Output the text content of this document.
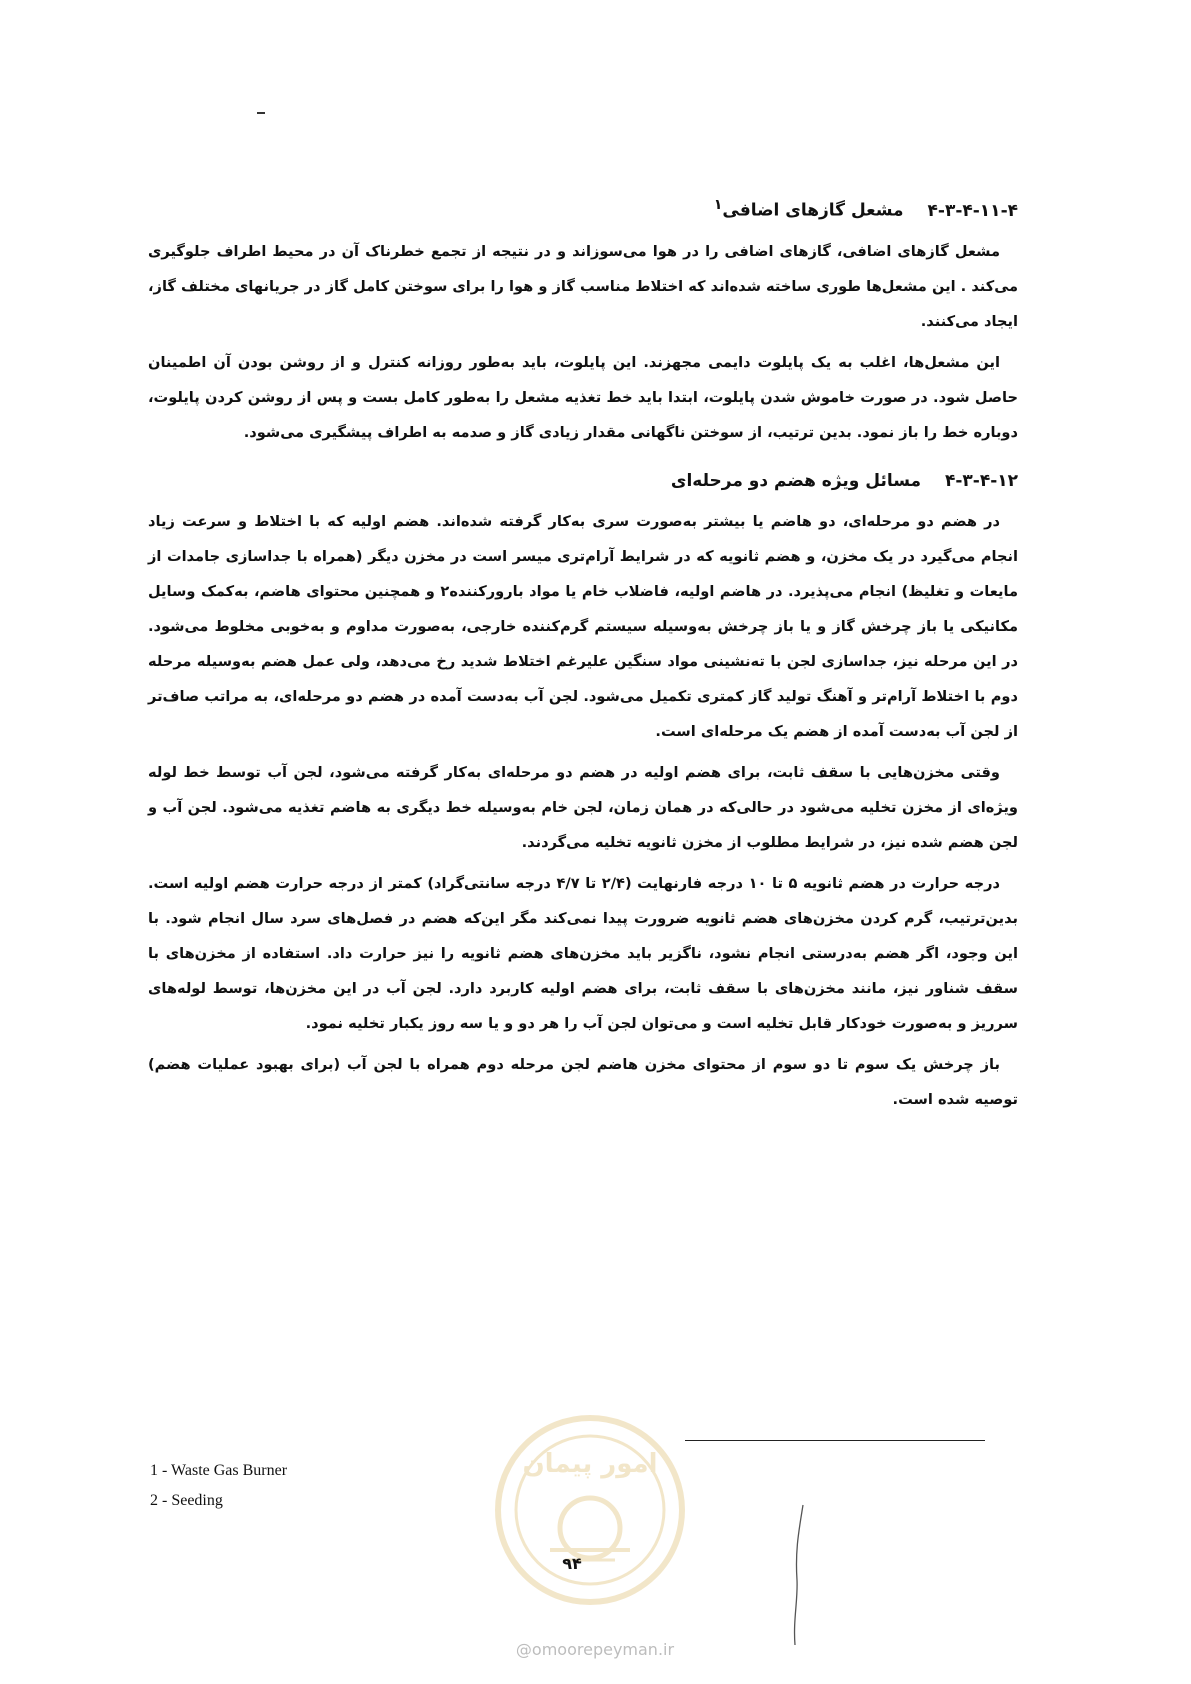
۴-۳-۴-۱۱-۴ مشعل گازهای اضافی$^۱$

مشعل گازهای اضافی، گازهای اضافی را در هوا می‌سوزاند و در نتیجه از تجمع خطرناک آن در محیط اطراف جلوگیری می‌کند . این مشعل‌ها طوری ساخته شده‌اند که اختلاط مناسب گاز و هوا را برای سوختن کامل گاز در جریانهای مختلف گاز، ایجاد می‌کنند.

این مشعل‌ها، اغلب به یک پایلوت دایمی مجهزند. این پایلوت، باید به‌طور روزانه کنترل و از روشن بودن آن اطمینان حاصل شود. در صورت خاموش شدن پایلوت، ابتدا باید خط تغذیه مشعل را به‌طور کامل بست و پس از روشن کردن پایلوت، دوباره خط را باز نمود. بدین ترتیب، از سوختن ناگهانی مقدار زیادی گاز و صدمه به اطراف پیشگیری می‌شود.

۴-۳-۴-۱۲ مسائل ویژه هضم دو مرحله‌ای

در هضم دو مرحله‌ای، دو هاضم یا بیشتر به‌صورت سری به‌کار گرفته شده‌اند. هضم اولیه که با اختلاط و سرعت زیاد انجام می‌گیرد در یک مخزن، و هضم ثانویه که در شرایط آرام‌تری میسر است در مخزن دیگر (همراه با جداسازی جامدات از مایعات و تغلیظ) انجام می‌پذیرد. در هاضم اولیه، فاضلاب خام یا مواد بارورکننده۲ و همچنین محتوای هاضم، به‌کمک وسایل مکانیکی یا باز چرخش گاز و یا باز چرخش به‌وسیله سیستم گرم‌کننده خارجی، به‌صورت مداوم و به‌خوبی مخلوط می‌شود. در این مرحله نیز، جداسازی لجن با ته‌نشینی مواد سنگین علیرغم اختلاط شدید رخ می‌دهد، ولی عمل هضم به‌وسیله مرحله دوم با اختلاط آرام‌تر و آهنگ تولید گاز کمتری تکمیل می‌شود. لجن آب به‌دست آمده در هضم دو مرحله‌ای، به مراتب صاف‌تر از لجن آب به‌دست آمده از هضم یک مرحله‌ای است.

وقتی مخزن‌هایی با سقف ثابت، برای هضم اولیه در هضم دو مرحله‌ای به‌کار گرفته می‌شود، لجن آب توسط خط لوله ویژه‌ای از مخزن تخلیه می‌شود در حالی‌که در همان زمان، لجن خام به‌وسیله خط دیگری به هاضم تغذیه می‌شود. لجن آب و لجن هضم شده نیز، در شرایط مطلوب از مخزن ثانویه تخلیه می‌گردند.

درجه حرارت در هضم ثانویه ۵ تا ۱۰ درجه فارنهایت (۲/۴ تا ۴/۷ درجه سانتی‌گراد) کمتر از درجه حرارت هضم اولیه است. بدین‌ترتیب، گرم کردن مخزن‌های هضم ثانویه ضرورت پیدا نمی‌کند مگر این‌که هضم در فصل‌های سرد سال انجام شود. با این وجود، اگر هضم به‌درستی انجام نشود، ناگزیر باید مخزن‌های هضم ثانویه را نیز حرارت داد. استفاده از مخزن‌های با سقف شناور نیز، مانند مخزن‌های با سقف ثابت، برای هضم اولیه کاربرد دارد. لجن آب در این مخزن‌ها، توسط لوله‌های سرریز و به‌صورت خودکار قابل تخلیه است و می‌توان لجن آب را هر دو و یا سه روز یکبار تخلیه نمود.

باز چرخش یک سوم تا دو سوم از محتوای مخزن هاضم لجن مرحله دوم همراه با لجن آب (برای بهبود عملیات هضم) توصیه شده است.

1 - Waste Gas Burner
2 - Seeding
امور پیمان
۹۴
@omoorepeyman.ir
